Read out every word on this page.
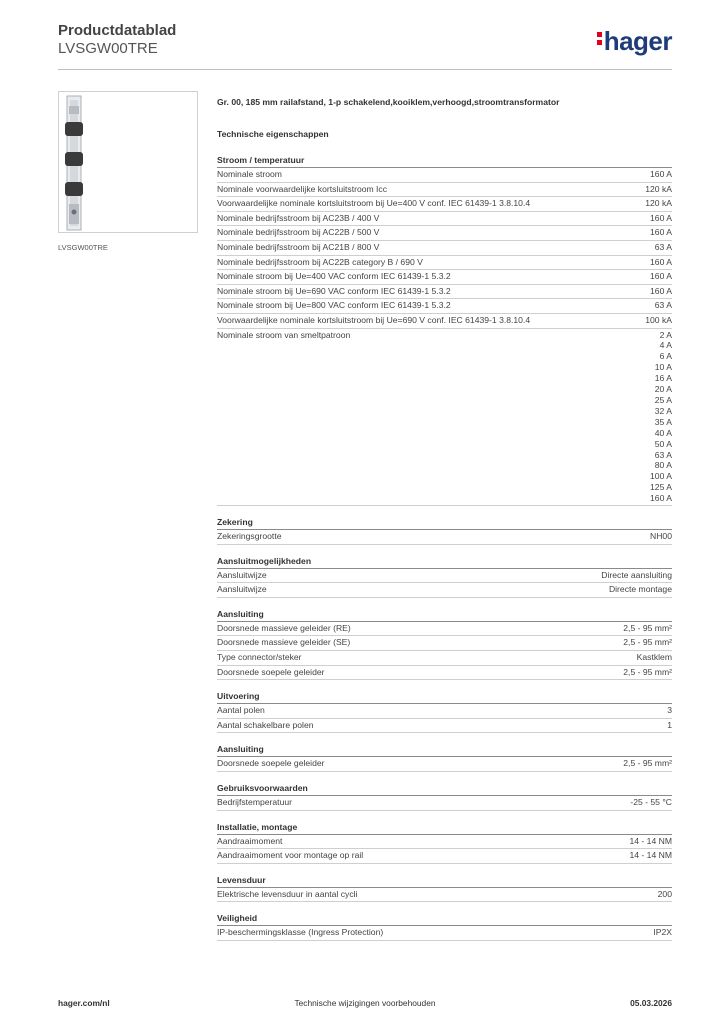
Productdatablad
LVSGW00TRE	hager
LVSGW00TRE
Gr. 00, 185 mm railafstand, 1-p schakelend,kooiklem,verhoogd,stroomtransformator
Technische eigenschappen
Stroom / temperatuur
Nominale stroom	160 A
Nominale voorwaardelijke kortsluitstroom Icc	120 kA
Voorwaardelijke nominale kortsluitstroom bij Ue=400 V conf. IEC 61439-1 3.8.10.4	120 kA
Nominale bedrijfsstroom bij AC23B / 400 V	160 A
Nominale bedrijfsstroom bij AC22B / 500 V	160 A
Nominale bedrijfsstroom bij AC21B / 800 V	63 A
Nominale bedrijfsstroom bij AC22B category B / 690 V	160 A
Nominale stroom bij Ue=400 VAC conform IEC 61439-1 5.3.2	160 A
Nominale stroom bij Ue=690 VAC conform IEC 61439-1 5.3.2	160 A
Nominale stroom bij Ue=800 VAC conform IEC 61439-1 5.3.2	63 A
Voorwaardelijke nominale kortsluitstroom bij Ue=690 V conf. IEC 61439-1 3.8.10.4	100 kA
Nominale stroom van smeltpatroon	2 A
4 A
6 A
10 A
16 A
20 A
25 A
32 A
35 A
40 A
50 A
63 A
80 A
100 A
125 A
160 A
Zekering
Zekeringsgrootte	NH00
Aansluitmogelijkheden
Aansluitwijze	Directe aansluiting
Aansluitwijze	Directe montage
Aansluiting
Doorsnede massieve geleider (RE)	2,5 - 95 mm²
Doorsnede massieve geleider (SE)	2,5 - 95 mm²
Type connector/steker	Kastklem
Doorsnede soepele geleider	2,5 - 95 mm²
Uitvoering
Aantal polen	3
Aantal schakelbare polen	1
Aansluiting
Doorsnede soepele geleider	2,5 - 95 mm²
Gebruiksvoorwaarden
Bedrijfstemperatuur	-25 - 55 °C
Installatie, montage
Aandraaimoment	14 - 14 NM
Aandraaimoment voor montage op rail	14 - 14 NM
Levensduur
Elektrische levensduur in aantal cycli	200
Veiligheid
IP-beschermingsklasse (Ingress Protection)	IP2X
hager.com/nl	Technische wijzigingen voorbehouden	05.03.2026
